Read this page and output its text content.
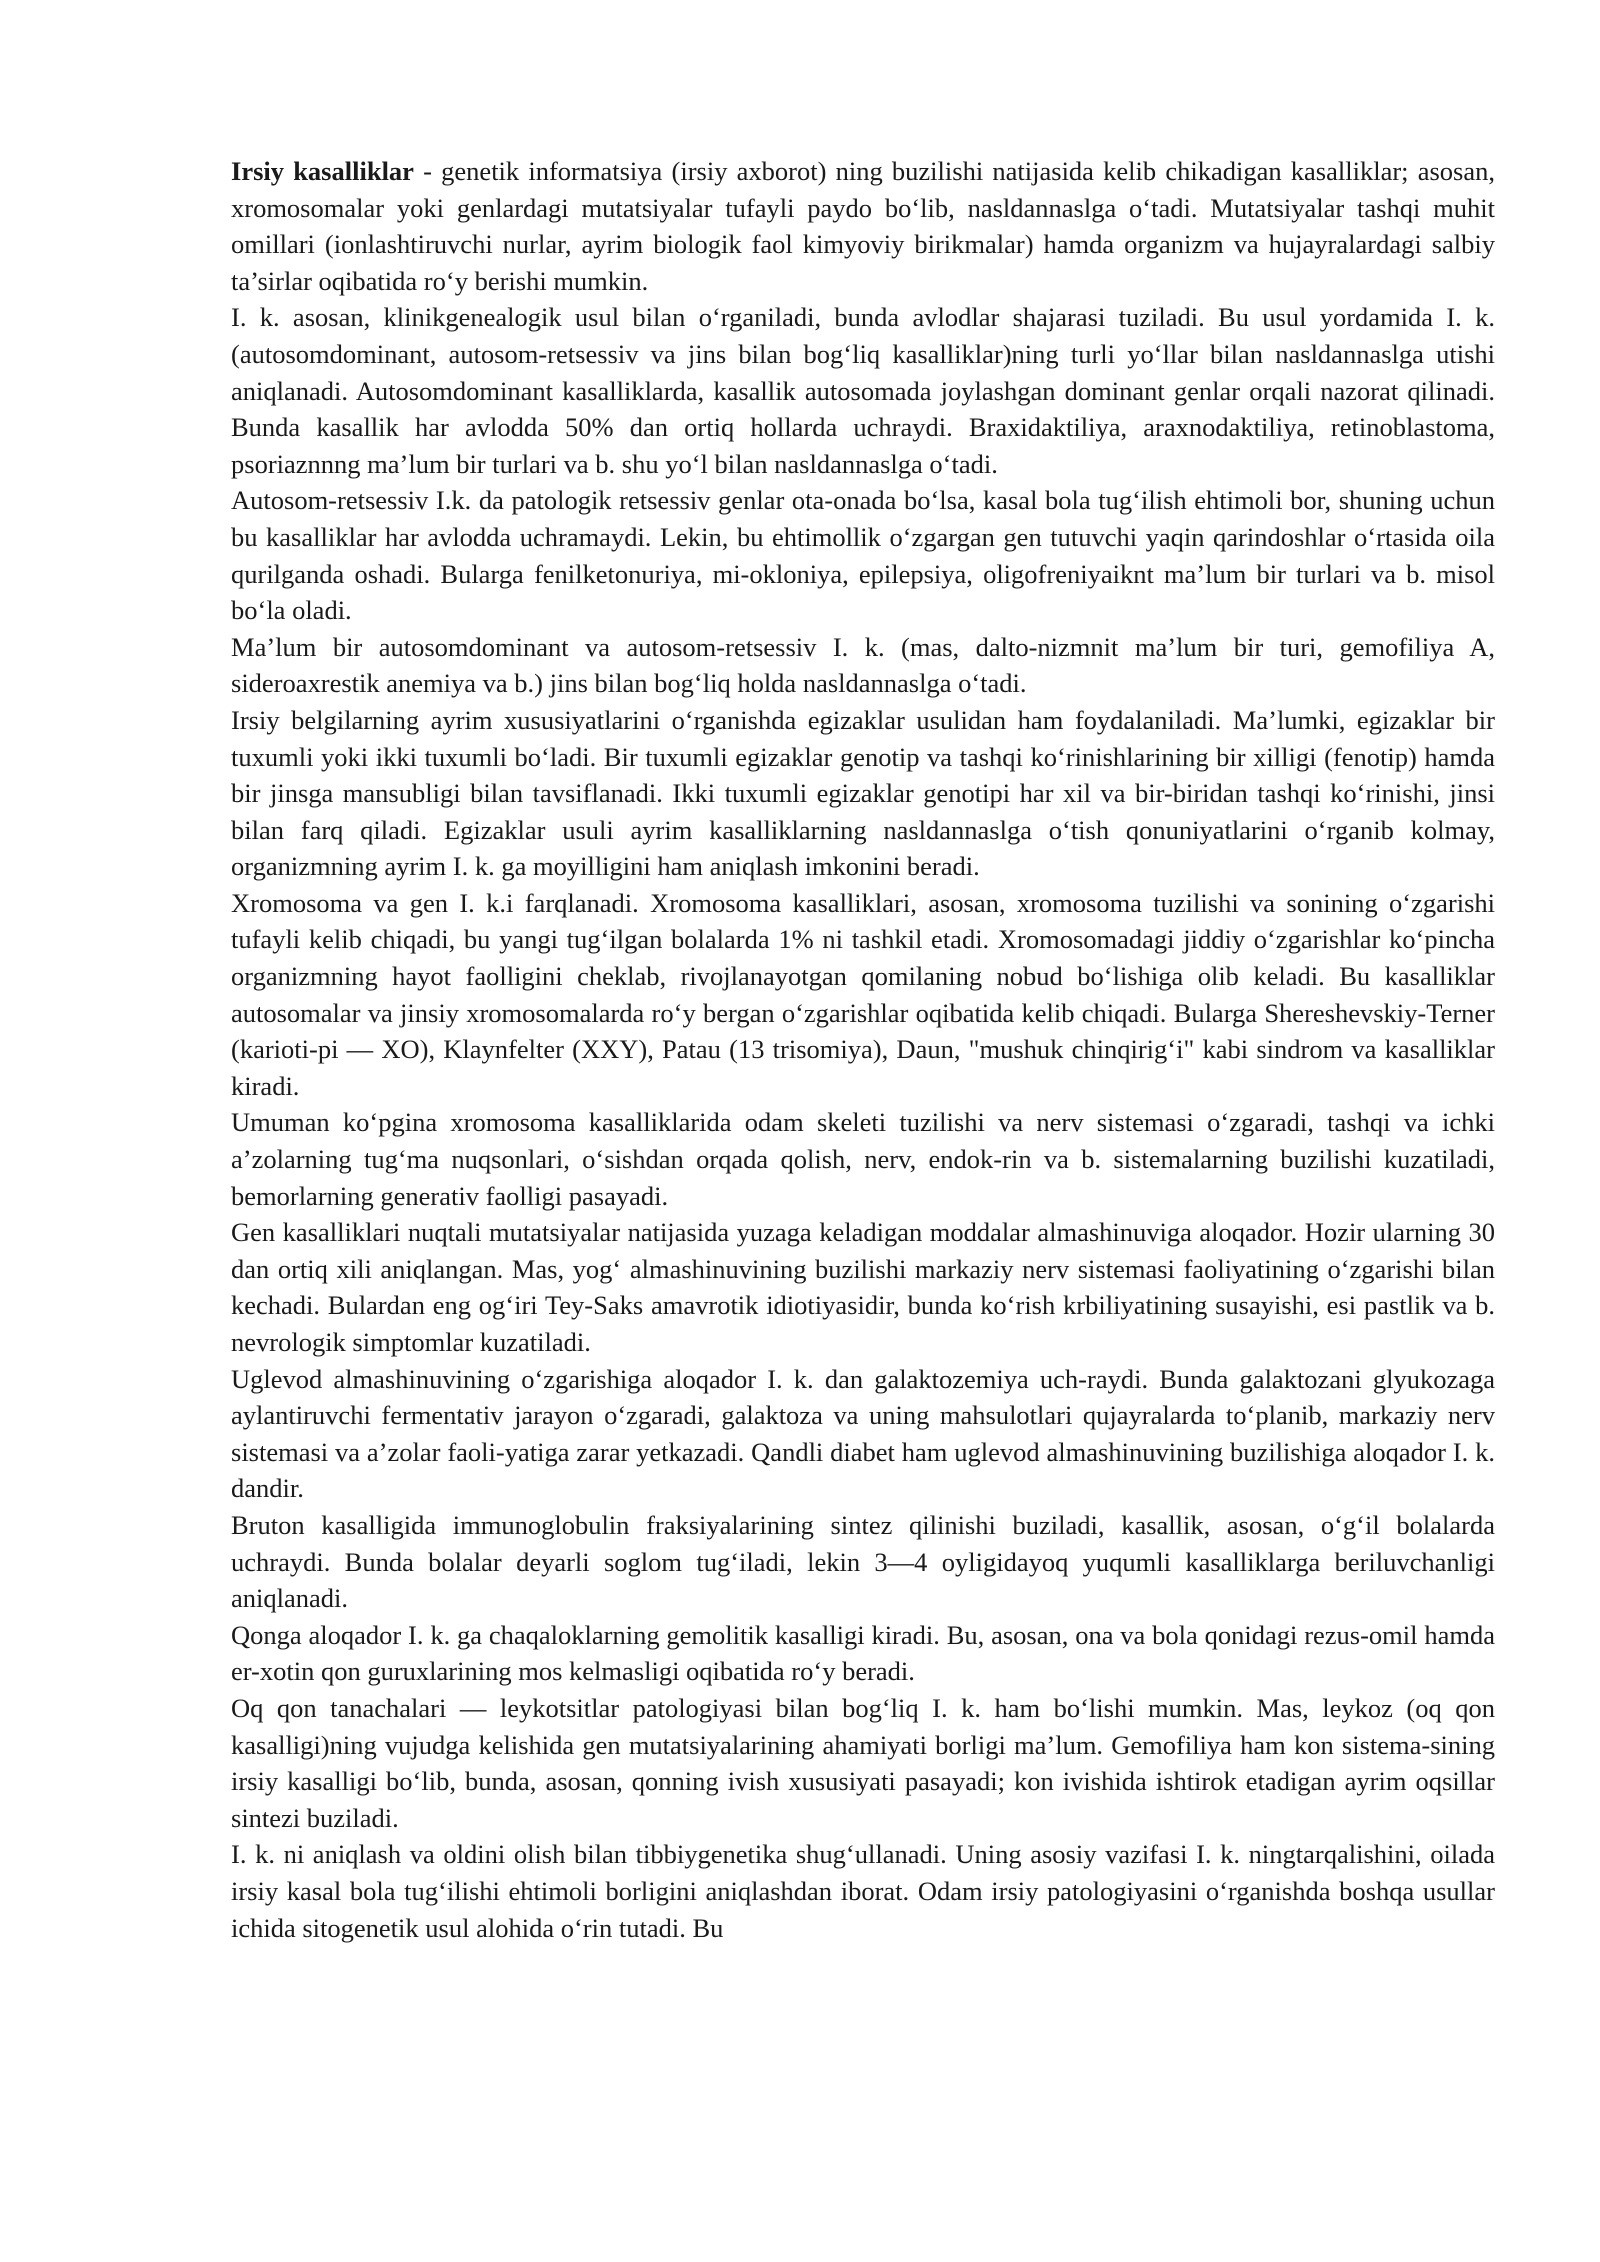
Irsiy kasalliklar - genetik informatsiya (irsiy axborot) ning buzilishi natijasida kelib chikadigan kasalliklar; asosan, xromosomalar yoki genlardagi mutatsiyalar tufayli paydo bo‘lib, nasldannaslga o‘tadi. Mutatsiyalar tashqi muhit omillari (ionlashtiruvchi nurlar, ayrim biologik faol kimyoviy birikmalar) hamda organizm va hujayralardagi salbiy ta’sirlar oqibatida ro‘y berishi mumkin.

I. k. asosan, klinikgenealogik usul bilan o‘rganiladi, bunda avlodlar shajarasi tuziladi. Bu usul yordamida I. k. (autosomdominant, autosom-retsessiv va jins bilan bog‘liq kasalliklar)ning turli yo‘llar bilan nasldannaslga utishi aniqlanadi. Autosomdominant kasalliklarda, kasallik autosomada joylashgan dominant genlar orqali nazorat qilinadi. Bunda kasallik har avlodda 50% dan ortiq hollarda uchraydi. Braxidaktiliya, araxnodaktiliya, retinoblastoma, psoriaznnng ma’lum bir turlari va b. shu yo‘l bilan nasldannaslga o‘tadi.

Autosom-retsessiv I.k. da patologik retsessiv genlar ota-onada bo‘lsa, kasal bola tug‘ilish ehtimoli bor, shuning uchun bu kasalliklar har avlodda uchramaydi. Lekin, bu ehtimollik o‘zgargan gen tutuvchi yaqin qarindoshlar o‘rtasida oila qurilganda oshadi. Bularga fenilketonuriya, mi-okloniya, epilepsiya, oligofreniyaiknt ma’lum bir turlari va b. misol bo‘la oladi.

Ma’lum bir autosomdominant va autosom-retsessiv I. k. (mas, dalto-nizmnit ma’lum bir turi, gemofiliya A, sideroaxrestik anemiya va b.) jins bilan bog‘liq holda nasldannaslga o‘tadi.

Irsiy belgilarning ayrim xususiyatlarini o‘rganishda egizaklar usulidan ham foydalaniladi. Ma’lumki, egizaklar bir tuxumli yoki ikki tuxumli bo‘ladi. Bir tuxumli egizaklar genotip va tashqi ko‘rinishlarining bir xilligi (fenotip) hamda bir jinsga mansubligi bilan tavsiflanadi. Ikki tuxumli egizaklar genotipi har xil va bir-biridan tashqi ko‘rinishi, jinsi bilan farq qiladi. Egizaklar usuli ayrim kasalliklarning nasldannaslga o‘tish qonuniyatlarini o‘rganib kolmay, organizmning ayrim I. k. ga moyilligini ham aniqlash imkonini beradi.

Xromosoma va gen I. k.i farqlanadi. Xromosoma kasalliklari, asosan, xromosoma tuzilishi va sonining o‘zgarishi tufayli kelib chiqadi, bu yangi tug‘ilgan bolalarda 1% ni tashkil etadi. Xromosomadagi jiddiy o‘zgarishlar ko‘pincha organizmning hayot faolligini cheklab, rivojlanayotgan qomilaning nobud bo‘lishiga olib keladi. Bu kasalliklar autosomalar va jinsiy xromosomalarda ro‘y bergan o‘zgarishlar oqibatida kelib chiqadi. Bularga Shereshevskiy-Terner (karioti-pi — XO), Klaynfelter (XXY), Patau (13 trisomiya), Daun, "mushuk chinqirig‘i" kabi sindrom va kasalliklar kiradi.

Umuman ko‘pgina xromosoma kasalliklarida odam skeleti tuzilishi va nerv sistemasi o‘zgaradi, tashqi va ichki a’zolarning tug‘ma nuqsonlari, o‘sishdan orqada qolish, nerv, endok-rin va b. sistemalarning buzilishi kuzatiladi, bemorlarning generativ faolligi pasayadi.

Gen kasalliklari nuqtali mutatsiyalar natijasida yuzaga keladigan moddalar almashinuviga aloqador. Hozir ularning 30 dan ortiq xili aniqlangan. Mas, yog‘ almashinuvining buzilishi markaziy nerv sistemasi faoliyatining o‘zgarishi bilan kechadi. Bulardan eng og‘iri Tey-Saks amavrotik idiotiyasidir, bunda ko‘rish krbiliyatining susayishi, esi pastlik va b. nevrologik simptomlar kuzatiladi.

Uglevod almashinuvining o‘zgarishiga aloqador I. k. dan galaktozemiya uch-raydi. Bunda galaktozani glyukozaga aylantiruvchi fermentativ jarayon o‘zgaradi, galaktoza va uning mahsulotlari qujayralarda to‘planib, markaziy nerv sistemasi va a’zolar faoli-yatiga zarar yetkazadi. Qandli diabet ham uglevod almashinuvining buzilishiga aloqador I. k. dandir.

Bruton kasalligida immunoglobulin fraksiyalarining sintez qilinishi buziladi, kasallik, asosan, o‘g‘il bolalarda uchraydi. Bunda bolalar deyarli soglom tug‘iladi, lekin 3—4 oyligidayoq yuqumli kasalliklarga beriluvchanligi aniqlanadi.

Qonga aloqador I. k. ga chaqaloklarning gemolitik kasalligi kiradi. Bu, asosan, ona va bola qonidagi rezus-omil hamda er-xotin qon guruxlarining mos kelmasligi oqibatida ro‘y beradi.

Oq qon tanachalari — leykotsitlar patologiyasi bilan bog‘liq I. k. ham bo‘lishi mumkin. Mas, leykoz (oq qon kasalligi)ning vujudga kelishida gen mutatsiyalarining ahamiyati borligi ma’lum. Gemofiliya ham kon sistema-sining irsiy kasalligi bo‘lib, bunda, asosan, qonning ivish xususiyati pasayadi; kon ivishida ishtirok etadigan ayrim oqsillar sintezi buziladi.

I. k. ni aniqlash va oldini olish bilan tibbiygenetika shug‘ullanadi. Uning asosiy vazifasi I. k. ningtarqalishini, oilada irsiy kasal bola tug‘ilishi ehtimoli borligini aniqlashdan iborat. Odam irsiy patologiyasini o‘rganishda boshqa usullar ichida sitogenetik usul alohida o‘rin tutadi. Bu
